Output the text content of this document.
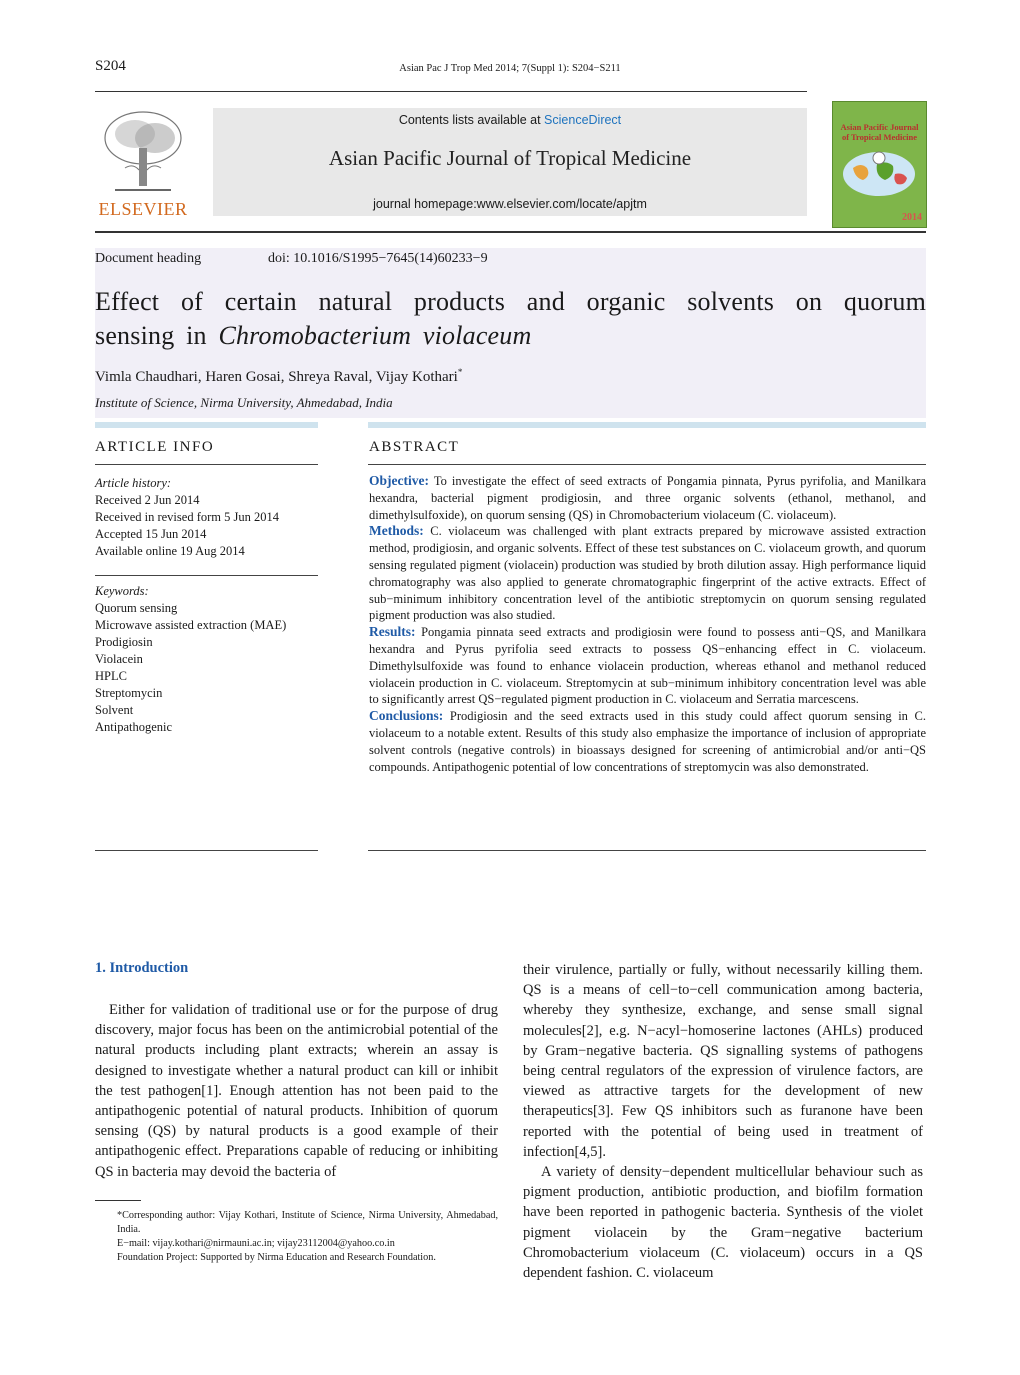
S204	Asian Pac J Trop Med 2014; 7(Suppl 1): S204−S211
ELSEVIER
Contents lists available at ScienceDirect
Asian Pacific Journal of Tropical Medicine
journal homepage:www.elsevier.com/locate/apjtm
Asian Pacific Journal of Tropical Medicine
2014
Document heading	doi: 10.1016/S1995−7645(14)60233−9
Effect of certain natural products and organic solvents on quorum sensing in Chromobacterium violaceum
Vimla Chaudhari, Haren Gosai, Shreya Raval, Vijay Kothari*
Institute of Science, Nirma University, Ahmedabad, India
ARTICLE INFO	ABSTRACT
Article history:
Received 2 Jun 2014
Received in revised form 5 Jun 2014
Accepted 15 Jun 2014
Available online 19 Aug 2014
Keywords:
Quorum sensing
Microwave assisted extraction (MAE)
Prodigiosin
Violacein
HPLC
Streptomycin
Solvent
Antipathogenic

Objective: To investigate the effect of seed extracts of Pongamia pinnata, Pyrus pyrifolia, and Manilkara hexandra, bacterial pigment prodigiosin, and three organic solvents (ethanol, methanol, and dimethylsulfoxide), on quorum sensing (QS) in Chromobacterium violaceum (C. violaceum).

Methods: C. violaceum was challenged with plant extracts prepared by microwave assisted extraction method, prodigiosin, and organic solvents. Effect of these test substances on C. violaceum growth, and quorum sensing regulated pigment (violacein) production was studied by broth dilution assay. High performance liquid chromatography was also applied to generate chromatographic fingerprint of the active extracts. Effect of sub−minimum inhibitory concentration level of the antibiotic streptomycin on quorum sensing regulated pigment production was also studied.

Results: Pongamia pinnata seed extracts and prodigiosin were found to possess anti−QS, and Manilkara hexandra and Pyrus pyrifolia seed extracts to possess QS−enhancing effect in C. violaceum. Dimethylsulfoxide was found to enhance violacein production, whereas ethanol and methanol reduced violacein production in C. violaceum. Streptomycin at sub−minimum inhibitory concentration level was able to significantly arrest QS−regulated pigment production in C. violaceum and Serratia marcescens.

Conclusions: Prodigiosin and the seed extracts used in this study could affect quorum sensing in C. violaceum to a notable extent. Results of this study also emphasize the importance of inclusion of appropriate solvent controls (negative controls) in bioassays designed for screening of antimicrobial and/or anti−QS compounds. Antipathogenic potential of low concentrations of streptomycin was also demonstrated.

1. Introduction
Either for validation of traditional use or for the purpose of drug discovery, major focus has been on the antimicrobial potential of the natural products including plant extracts; wherein an assay is designed to investigate whether a natural product can kill or inhibit the test pathogen[1]. Enough attention has not been paid to the antipathogenic potential of natural products. Inhibition of quorum sensing (QS) by natural products is a good example of their antipathogenic effect. Preparations capable of reducing or inhibiting QS in bacteria may devoid the bacteria of

*Corresponding author: Vijay Kothari, Institute of Science, Nirma University, Ahmedabad, India.

E−mail: vijay.kothari@nirmauni.ac.in; vijay23112004@yahoo.co.in

Foundation Project: Supported by Nirma Education and Research Foundation.

their virulence, partially or fully, without necessarily killing them. QS is a means of cell−to−cell communication among bacteria, whereby they synthesize, exchange, and sense small signal molecules[2], e.g. N−acyl−homoserine lactones (AHLs) produced by Gram−negative bacteria. QS signalling systems of pathogens being central regulators of the expression of virulence factors, are viewed as attractive targets for the development of new therapeutics[3]. Few QS inhibitors such as furanone have been reported with the potential of being used in treatment of infection[4,5].

A variety of density−dependent multicellular behaviour such as pigment production, antibiotic production, and biofilm formation have been reported in pathogenic bacteria. Synthesis of the violet pigment violacein by the Gram−negative bacterium Chromobacterium violaceum (C. violaceum) occurs in a QS dependent fashion. C. violaceum
